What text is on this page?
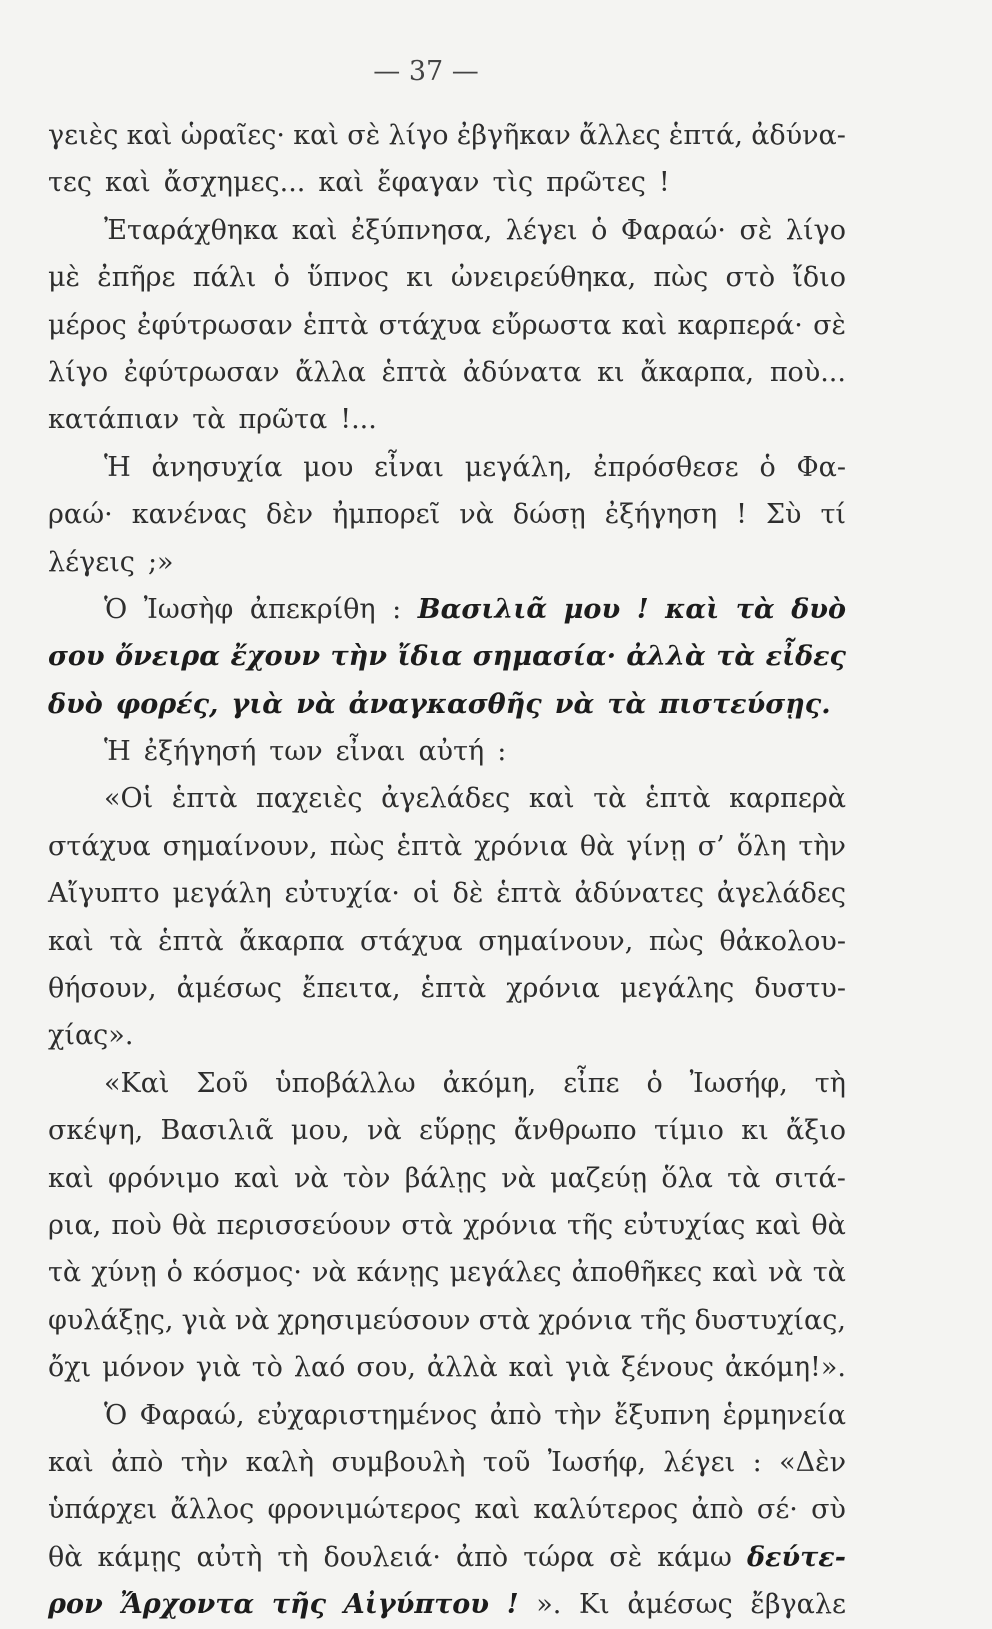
— 37 —
γειὲς καὶ ὡραῖες· καὶ σὲ λίγο ἐβγῆκαν ἄλλες ἑπτά, ἀδύνα-
τες καὶ ἄσχημες... καὶ ἔφαγαν τὶς πρῶτες !
Ἐταράχθηκα καὶ ἐξύπνησα, λέγει ὁ Φαραώ· σὲ λίγο
μὲ ἐπῆρε πάλι ὁ ὕπνος κι ὠνειρεύθηκα, πὼς στὸ ἴδιο
μέρος ἐφύτρωσαν ἑπτὰ στάχυα εὔρωστα καὶ καρπερά· σὲ
λίγο ἐφύτρωσαν ἄλλα ἑπτὰ ἀδύνατα κι ἄκαρπα, ποὺ...
κατάπιαν τὰ πρῶτα !...
Ἡ ἀνησυχία μου εἶναι μεγάλη, ἐπρόσθεσε ὁ Φα-
ραώ· κανένας δὲν ἠμπορεῖ νὰ δώσῃ ἐξήγηση ! Σὺ τί
λέγεις ;»
Ὁ Ἰωσὴφ ἀπεκρίθη : Βασιλιᾶ μου ! καὶ τὰ δυὸ
σου ὄνειρα ἔχουν τὴν ἴδια σημασία· ἀλλὰ τὰ εἶδες
δυὸ φορές, γιὰ νὰ ἀναγκασθῆς νὰ τὰ πιστεύσῃς.
Ἡ ἐξήγησή των εἶναι αὐτή :
«Οἱ ἑπτὰ παχειὲς ἀγελάδες καὶ τὰ ἑπτὰ καρπερὰ
στάχυα σημαίνουν, πὼς ἑπτὰ χρόνια θὰ γίνῃ σ’ ὅλη τὴν
Αἴγυπτο μεγάλη εὐτυχία· οἱ δὲ ἑπτὰ ἀδύνατες ἀγελάδες
καὶ τὰ ἑπτὰ ἄκαρπα στάχυα σημαίνουν, πὼς θἀκολου-
θήσουν, ἀμέσως ἔπειτα, ἑπτὰ χρόνια μεγάλης δυστυ-
χίας».
«Καὶ Σοῦ ὑποβάλλω ἀκόμη, εἶπε ὁ Ἰωσήφ, τὴ
σκέψη, Βασιλιᾶ μου, νὰ εὕρῃς ἄνθρωπο τίμιο κι ἄξιο
καὶ φρόνιμο καὶ νὰ τὸν βάλῃς νὰ μαζεύῃ ὅλα τὰ σιτά-
ρια, ποὺ θὰ περισσεύουν στὰ χρόνια τῆς εὐτυχίας καὶ θὰ
τὰ χύνῃ ὁ κόσμος· νὰ κάνῃς μεγάλες ἀποθῆκες καὶ νὰ τὰ
φυλάξῃς, γιὰ νὰ χρησιμεύσουν στὰ χρόνια τῆς δυστυχίας,
ὄχι μόνον γιὰ τὸ λαό σου, ἀλλὰ καὶ γιὰ ξένους ἀκόμη!».
Ὁ Φαραώ, εὐχαριστημένος ἀπὸ τὴν ἔξυπνη ἑρμηνεία
καὶ ἀπὸ τὴν καλὴ συμβουλὴ τοῦ Ἰωσήφ, λέγει : «Δὲν
ὑπάρχει ἄλλος φρονιμώτερος καὶ καλύτερος ἀπὸ σέ· σὺ
θὰ κάμῃς αὐτὴ τὴ δουλειά· ἀπὸ τώρα σὲ κάμω δεύτε-
ρον Ἄρχοντα τῆς Αἰγύπτου ! ». Κι ἀμέσως ἔβγαλε
